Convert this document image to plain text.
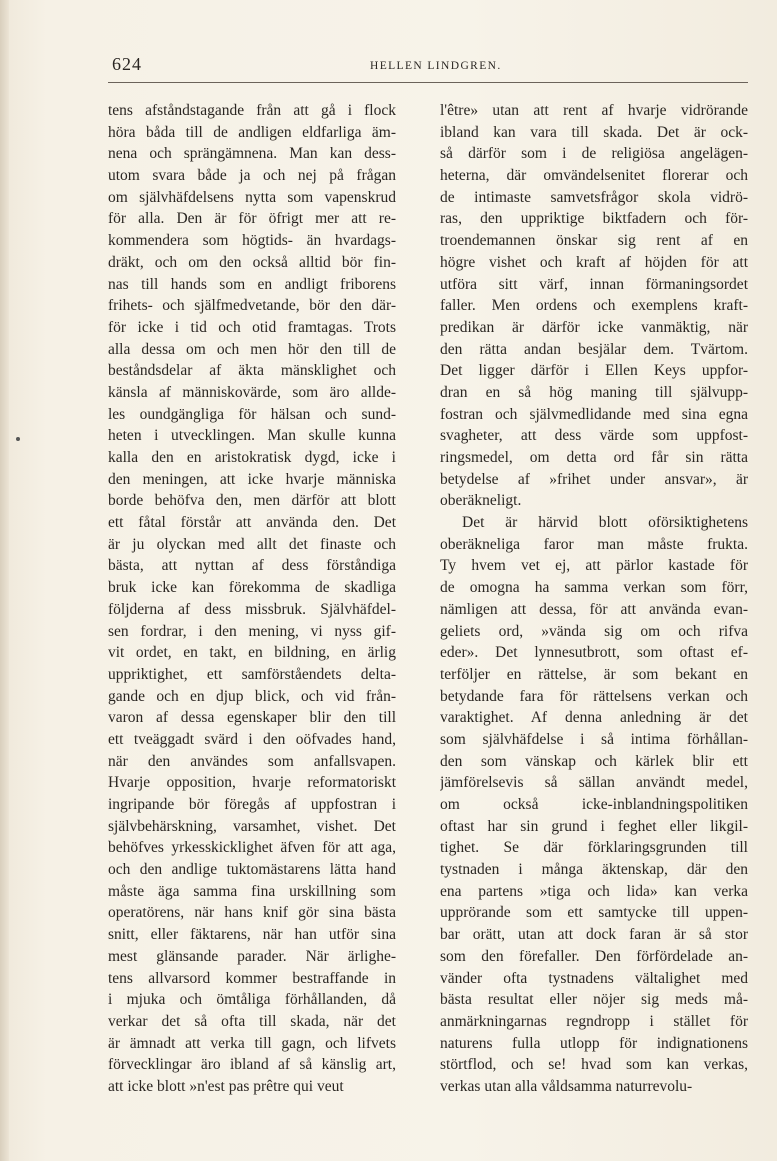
624	HELLEN LINDGREN.
tens afståndstagande från att gå i flock
höra båda till de andligen eldfarliga äm-
nena och sprängämnena. Man kan dess-
utom svara både ja och nej på frågan
om självhäfdelsens nytta som vapenskrud
för alla. Den är för öfrigt mer att re-
kommendera som högtids- än hvardags-
dräkt, och om den också alltid bör fin-
nas till hands som en andligt friborens
frihets- och själfmedvetande, bör den där-
för icke i tid och otid framtagas. Trots
alla dessa om och men hör den till de
beståndsdelar af äkta mänsklighet och
känsla af människovärde, som äro allde-
les oundgängliga för hälsan och sund-
heten i utvecklingen. Man skulle kunna
kalla den en aristokratisk dygd, icke i
den meningen, att icke hvarje människa
borde behöfva den, men därför att blott
ett fåtal förstår att använda den. Det
är ju olyckan med allt det finaste och
bästa, att nyttan af dess förståndiga
bruk icke kan förekomma de skadliga
följderna af dess missbruk. Självhäfdel-
sen fordrar, i den mening, vi nyss gif-
vit ordet, en takt, en bildning, en ärlig
uppriktighet, ett samförståendets delta-
gande och en djup blick, och vid från-
varon af dessa egenskaper blir den till
ett tveäggadt svärd i den oöfvades hand,
när den användes som anfallsvapen.
Hvarje opposition, hvarje reformatoriskt
ingripande bör föregås af uppfostran i
självbehärskning, varsamhet, vishet. Det
behöfves yrkesskicklighet äfven för att aga,
och den andlige tuktomästarens lätta hand
måste äga samma fina urskillning som
operatörens, när hans knif gör sina bästa
snitt, eller fäktarens, när han utför sina
mest glänsande parader. När ärlighe-
tens allvarsord kommer bestraffande in
i mjuka och ömtåliga förhållanden, då
verkar det så ofta till skada, när det
är ämnadt att verka till gagn, och lifvets
förvecklingar äro ibland af så känslig art,
att icke blott »n'est pas prêtre qui veut
l'être» utan att rent af hvarje vidrörande
ibland kan vara till skada. Det är ock-
så därför som i de religiösa angelägen-
heterna, där omvändelsenitet florerar och
de intimaste samvetsfrågor skola vidrö-
ras, den uppriktige biktfadern och för-
troendemannen önskar sig rent af en
högre vishet och kraft af höjden för att
utföra sitt värf, innan förmaningsordet
faller. Men ordens och exemplens kraft-
predikan är därför icke vanmäktig, när
den rätta andan besjälar dem. Tvärtom.
Det ligger därför i Ellen Keys uppfor-
dran en så hög maning till självupp-
fostran och självmedlidande med sina egna
svagheter, att dess värde som uppfost-
ringsmedel, om detta ord får sin rätta
betydelse af »frihet under ansvar», är
oberäkneligt.
Det är härvid blott oförsiktighetens
oberäkneliga faror man måste frukta.
Ty hvem vet ej, att pärlor kastade för
de omogna ha samma verkan som förr,
nämligen att dessa, för att använda evan-
geliets ord, »vända sig om och rifva
eder». Det lynnesutbrott, som oftast ef-
terföljer en rättelse, är som bekant en
betydande fara för rättelsens verkan och
varaktighet. Af denna anledning är det
som självhäfdelse i så intima förhållan-
den som vänskap och kärlek blir ett
jämförelsevis så sällan användt medel,
om också icke-inblandningspolitiken
oftast har sin grund i feghet eller likgil-
tighet. Se där förklaringsgrunden till
tystnaden i många äktenskap, där den
ena partens »tiga och lida» kan verka
upprörande som ett samtycke till uppen-
bar orätt, utan att dock faran är så stor
som den förefaller. Den förfördelade an-
vänder ofta tystnadens vältalighet med
bästa resultat eller nöjer sig meds må-
anmärkningarnas regndropp i stället för
naturens fulla utlopp för indignationens
störtflod, och se! hvad som kan verkas,
verkas utan alla våldsamma naturrevolu-
